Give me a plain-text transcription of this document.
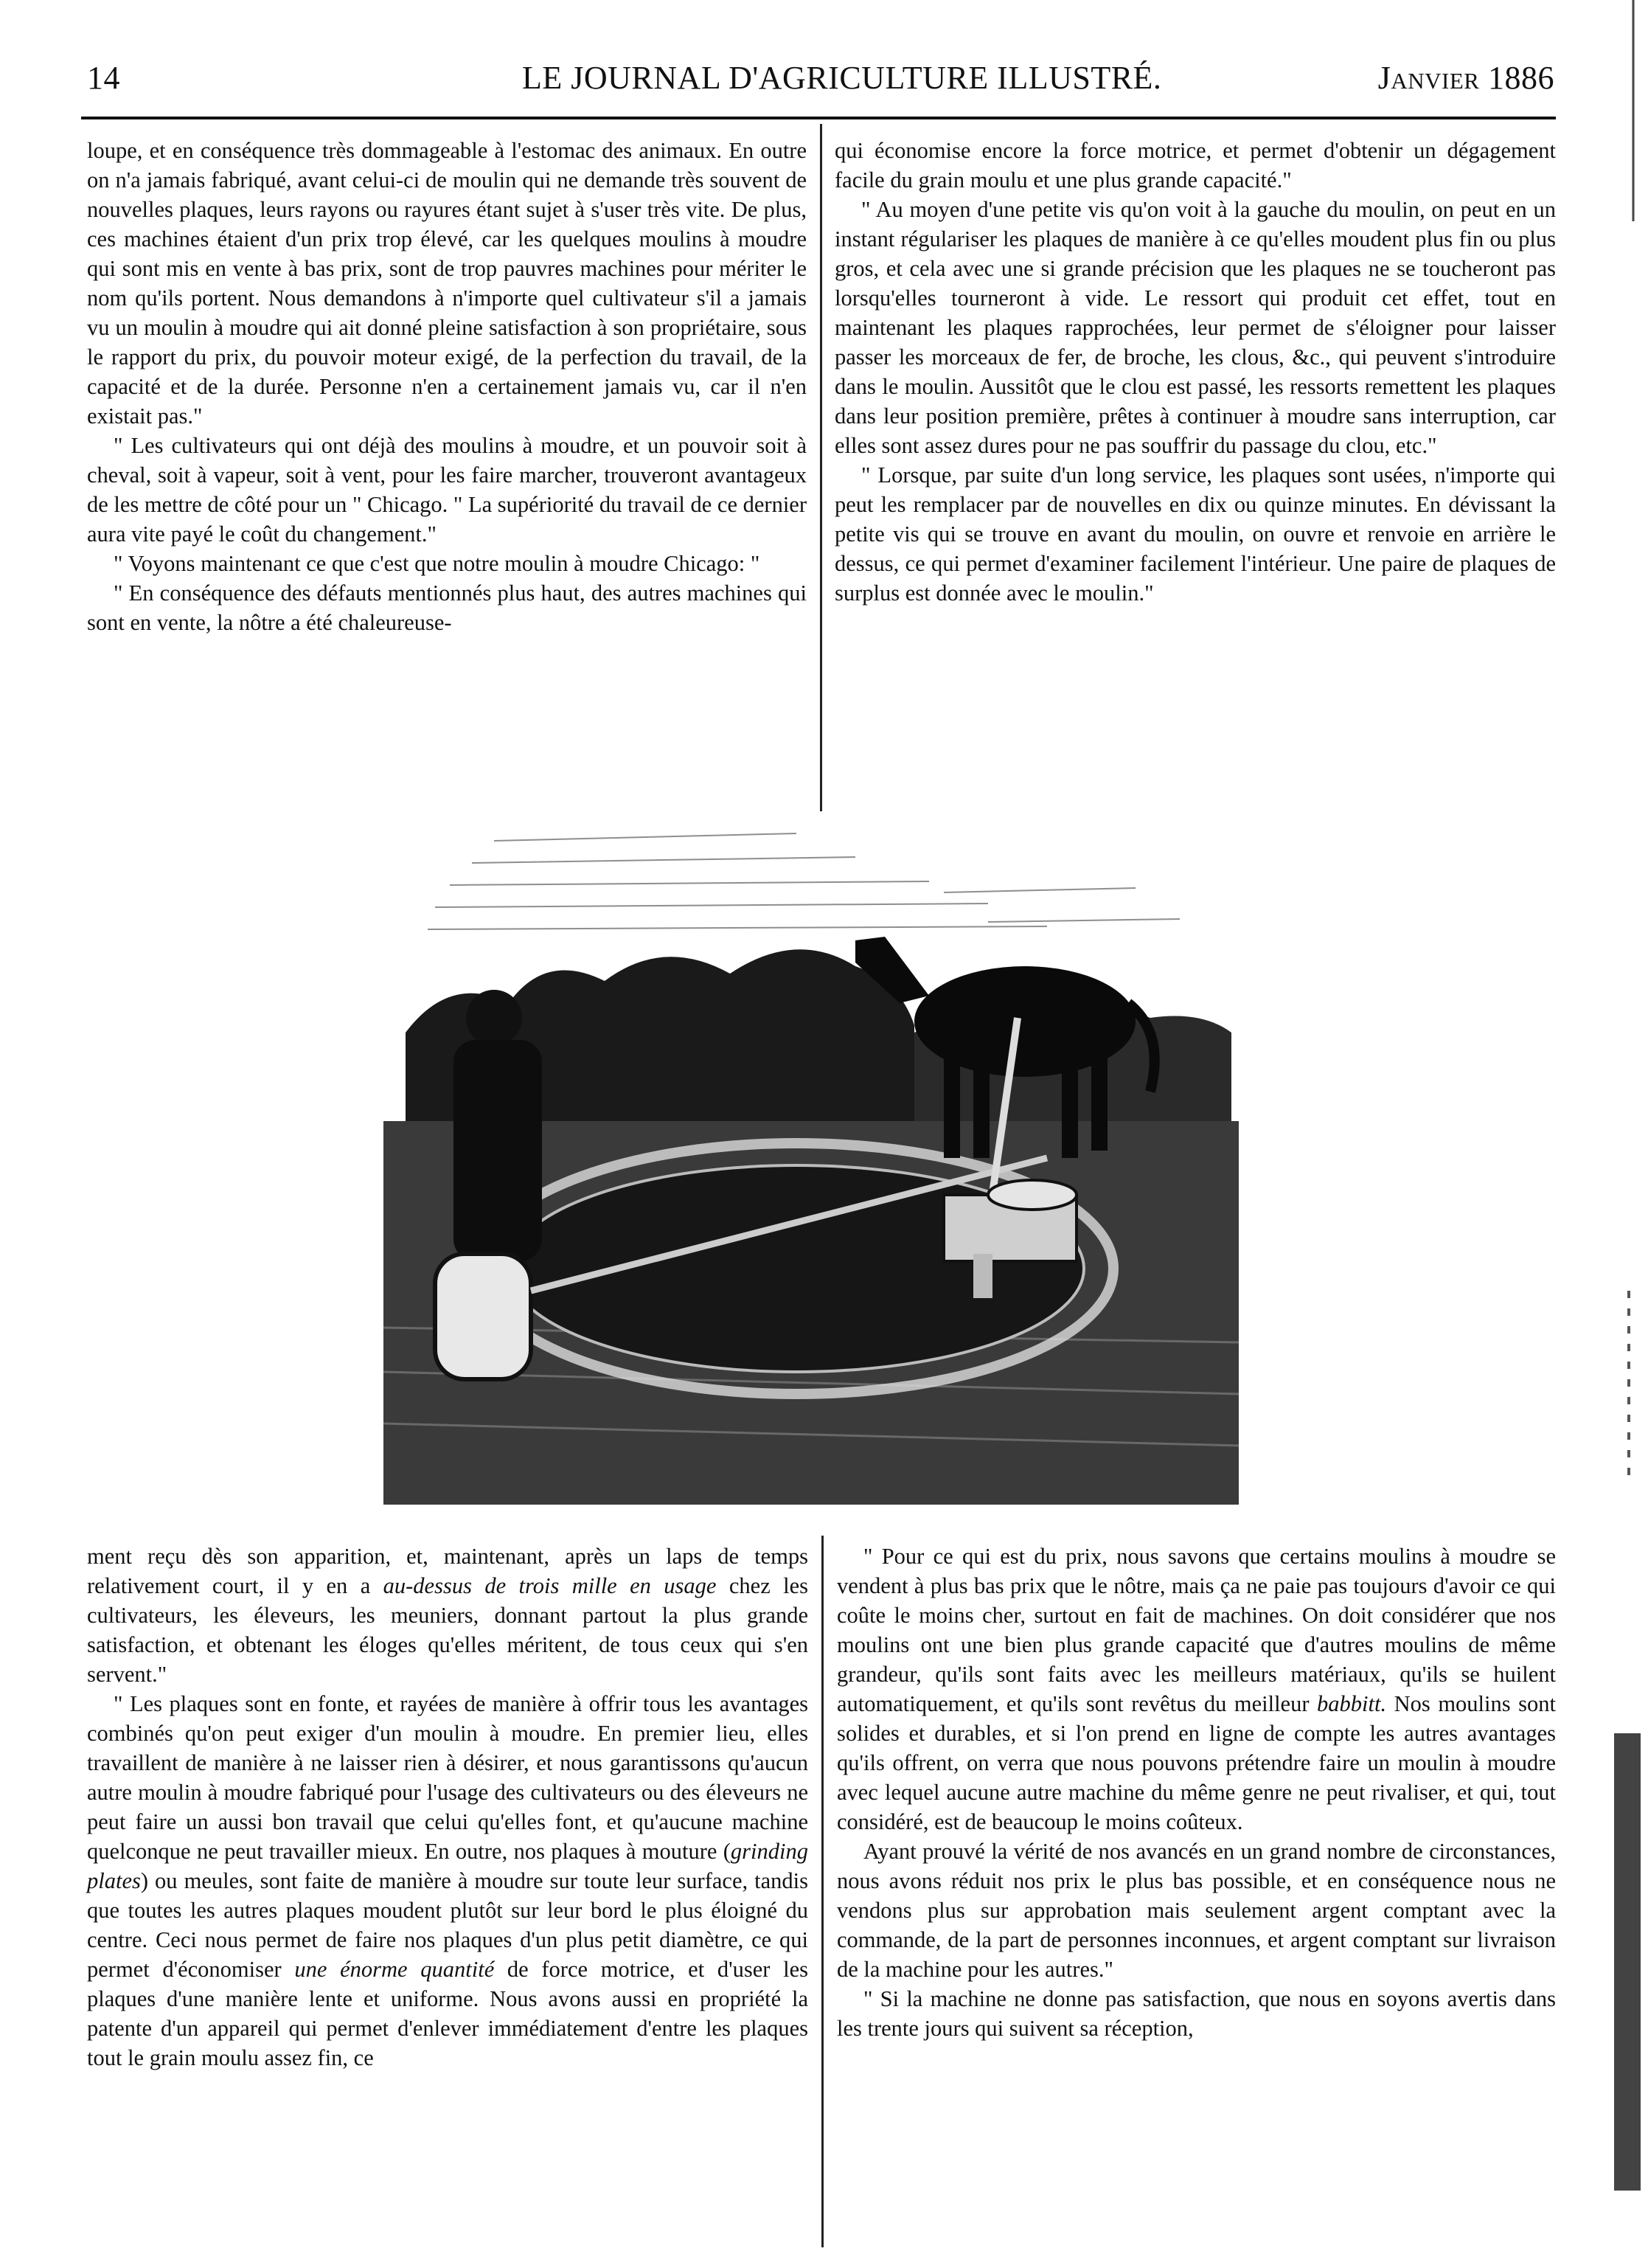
14	LE JOURNAL D'AGRICULTURE ILLUSTRÉ.	Janvier 1886

loupe, et en conséquence très dommageable à l'estomac des animaux. En outre on n'a jamais fabriqué, avant celui-ci de moulin qui ne demande très souvent de nouvelles plaques, leurs rayons ou rayures étant sujet à s'user très vite. De plus, ces machines étaient d'un prix trop élevé, car les quelques moulins à moudre qui sont mis en vente à bas prix, sont de trop pauvres machines pour mériter le nom qu'ils portent. Nous demandons à n'importe quel cultivateur s'il a jamais vu un moulin à moudre qui ait donné pleine satisfaction à son propriétaire, sous le rapport du prix, du pouvoir moteur exigé, de la perfection du travail, de la capacité et de la durée. Personne n'en a certainement jamais vu, car il n'en existait pas."

" Les cultivateurs qui ont déjà des moulins à moudre, et un pouvoir soit à cheval, soit à vapeur, soit à vent, pour les faire marcher, trouveront avantageux de les mettre de côté pour un " Chicago. " La supériorité du travail de ce dernier aura vite payé le coût du changement."

" Voyons maintenant ce que c'est que notre moulin à moudre Chicago: "

" En conséquence des défauts mentionnés plus haut, des autres machines qui sont en vente, la nôtre a été chaleureuse-

qui économise encore la force motrice, et permet d'obtenir un dégagement facile du grain moulu et une plus grande capacité."

" Au moyen d'une petite vis qu'on voit à la gauche du moulin, on peut en un instant régulariser les plaques de manière à ce qu'elles moudent plus fin ou plus gros, et cela avec une si grande précision que les plaques ne se toucheront pas lorsqu'elles tourneront à vide. Le ressort qui produit cet effet, tout en maintenant les plaques rapprochées, leur permet de s'éloigner pour laisser passer les morceaux de fer, de broche, les clous, &c., qui peuvent s'introduire dans le moulin. Aussitôt que le clou est passé, les ressorts remettent les plaques dans leur position première, prêtes à continuer à moudre sans interruption, car elles sont assez dures pour ne pas souffrir du passage du clou, etc."

" Lorsque, par suite d'un long service, les plaques sont usées, n'importe qui peut les remplacer par de nouvelles en dix ou quinze minutes. En dévissant la petite vis qui se trouve en avant du moulin, on ouvre et renvoie en arrière le dessus, ce qui permet d'examiner facilement l'intérieur. Une paire de plaques de surplus est donnée avec le moulin."

ment reçu dès son apparition, et, maintenant, après un laps de temps relativement court, il y en a au-dessus de trois mille en usage chez les cultivateurs, les éleveurs, les meuniers, donnant partout la plus grande satisfaction, et obtenant les éloges qu'elles méritent, de tous ceux qui s'en servent."

" Les plaques sont en fonte, et rayées de manière à offrir tous les avantages combinés qu'on peut exiger d'un moulin à moudre. En premier lieu, elles travaillent de manière à ne laisser rien à désirer, et nous garantissons qu'aucun autre moulin à moudre fabriqué pour l'usage des cultivateurs ou des éleveurs ne peut faire un aussi bon travail que celui qu'elles font, et qu'aucune machine quelconque ne peut travailler mieux. En outre, nos plaques à mouture (grinding plates) ou meules, sont faite de manière à moudre sur toute leur surface, tandis que toutes les autres plaques moudent plutôt sur leur bord le plus éloigné du centre. Ceci nous permet de faire nos plaques d'un plus petit diamètre, ce qui permet d'économiser une énorme quantité de force motrice, et d'user les plaques d'une manière lente et uniforme. Nous avons aussi en propriété la patente d'un appareil qui permet d'enlever immédiatement d'entre les plaques tout le grain moulu assez fin, ce

" Pour ce qui est du prix, nous savons que certains moulins à moudre se vendent à plus bas prix que le nôtre, mais ça ne paie pas toujours d'avoir ce qui coûte le moins cher, surtout en fait de machines. On doit considérer que nos moulins ont une bien plus grande capacité que d'autres moulins de même grandeur, qu'ils sont faits avec les meilleurs matériaux, qu'ils se huilent automatiquement, et qu'ils sont revêtus du meilleur babbitt. Nos moulins sont solides et durables, et si l'on prend en ligne de compte les autres avantages qu'ils offrent, on verra que nous pouvons prétendre faire un moulin à moudre avec lequel aucune autre machine du même genre ne peut rivaliser, et qui, tout considéré, est de beaucoup le moins coûteux.

Ayant prouvé la vérité de nos avancés en un grand nombre de circonstances, nous avons réduit nos prix le plus bas possible, et en conséquence nous ne vendons plus sur approbation mais seulement argent comptant avec la commande, de la part de personnes inconnues, et argent comptant sur livraison de la machine pour les autres."

" Si la machine ne donne pas satisfaction, que nous en soyons avertis dans les trente jours qui suivent sa réception,
